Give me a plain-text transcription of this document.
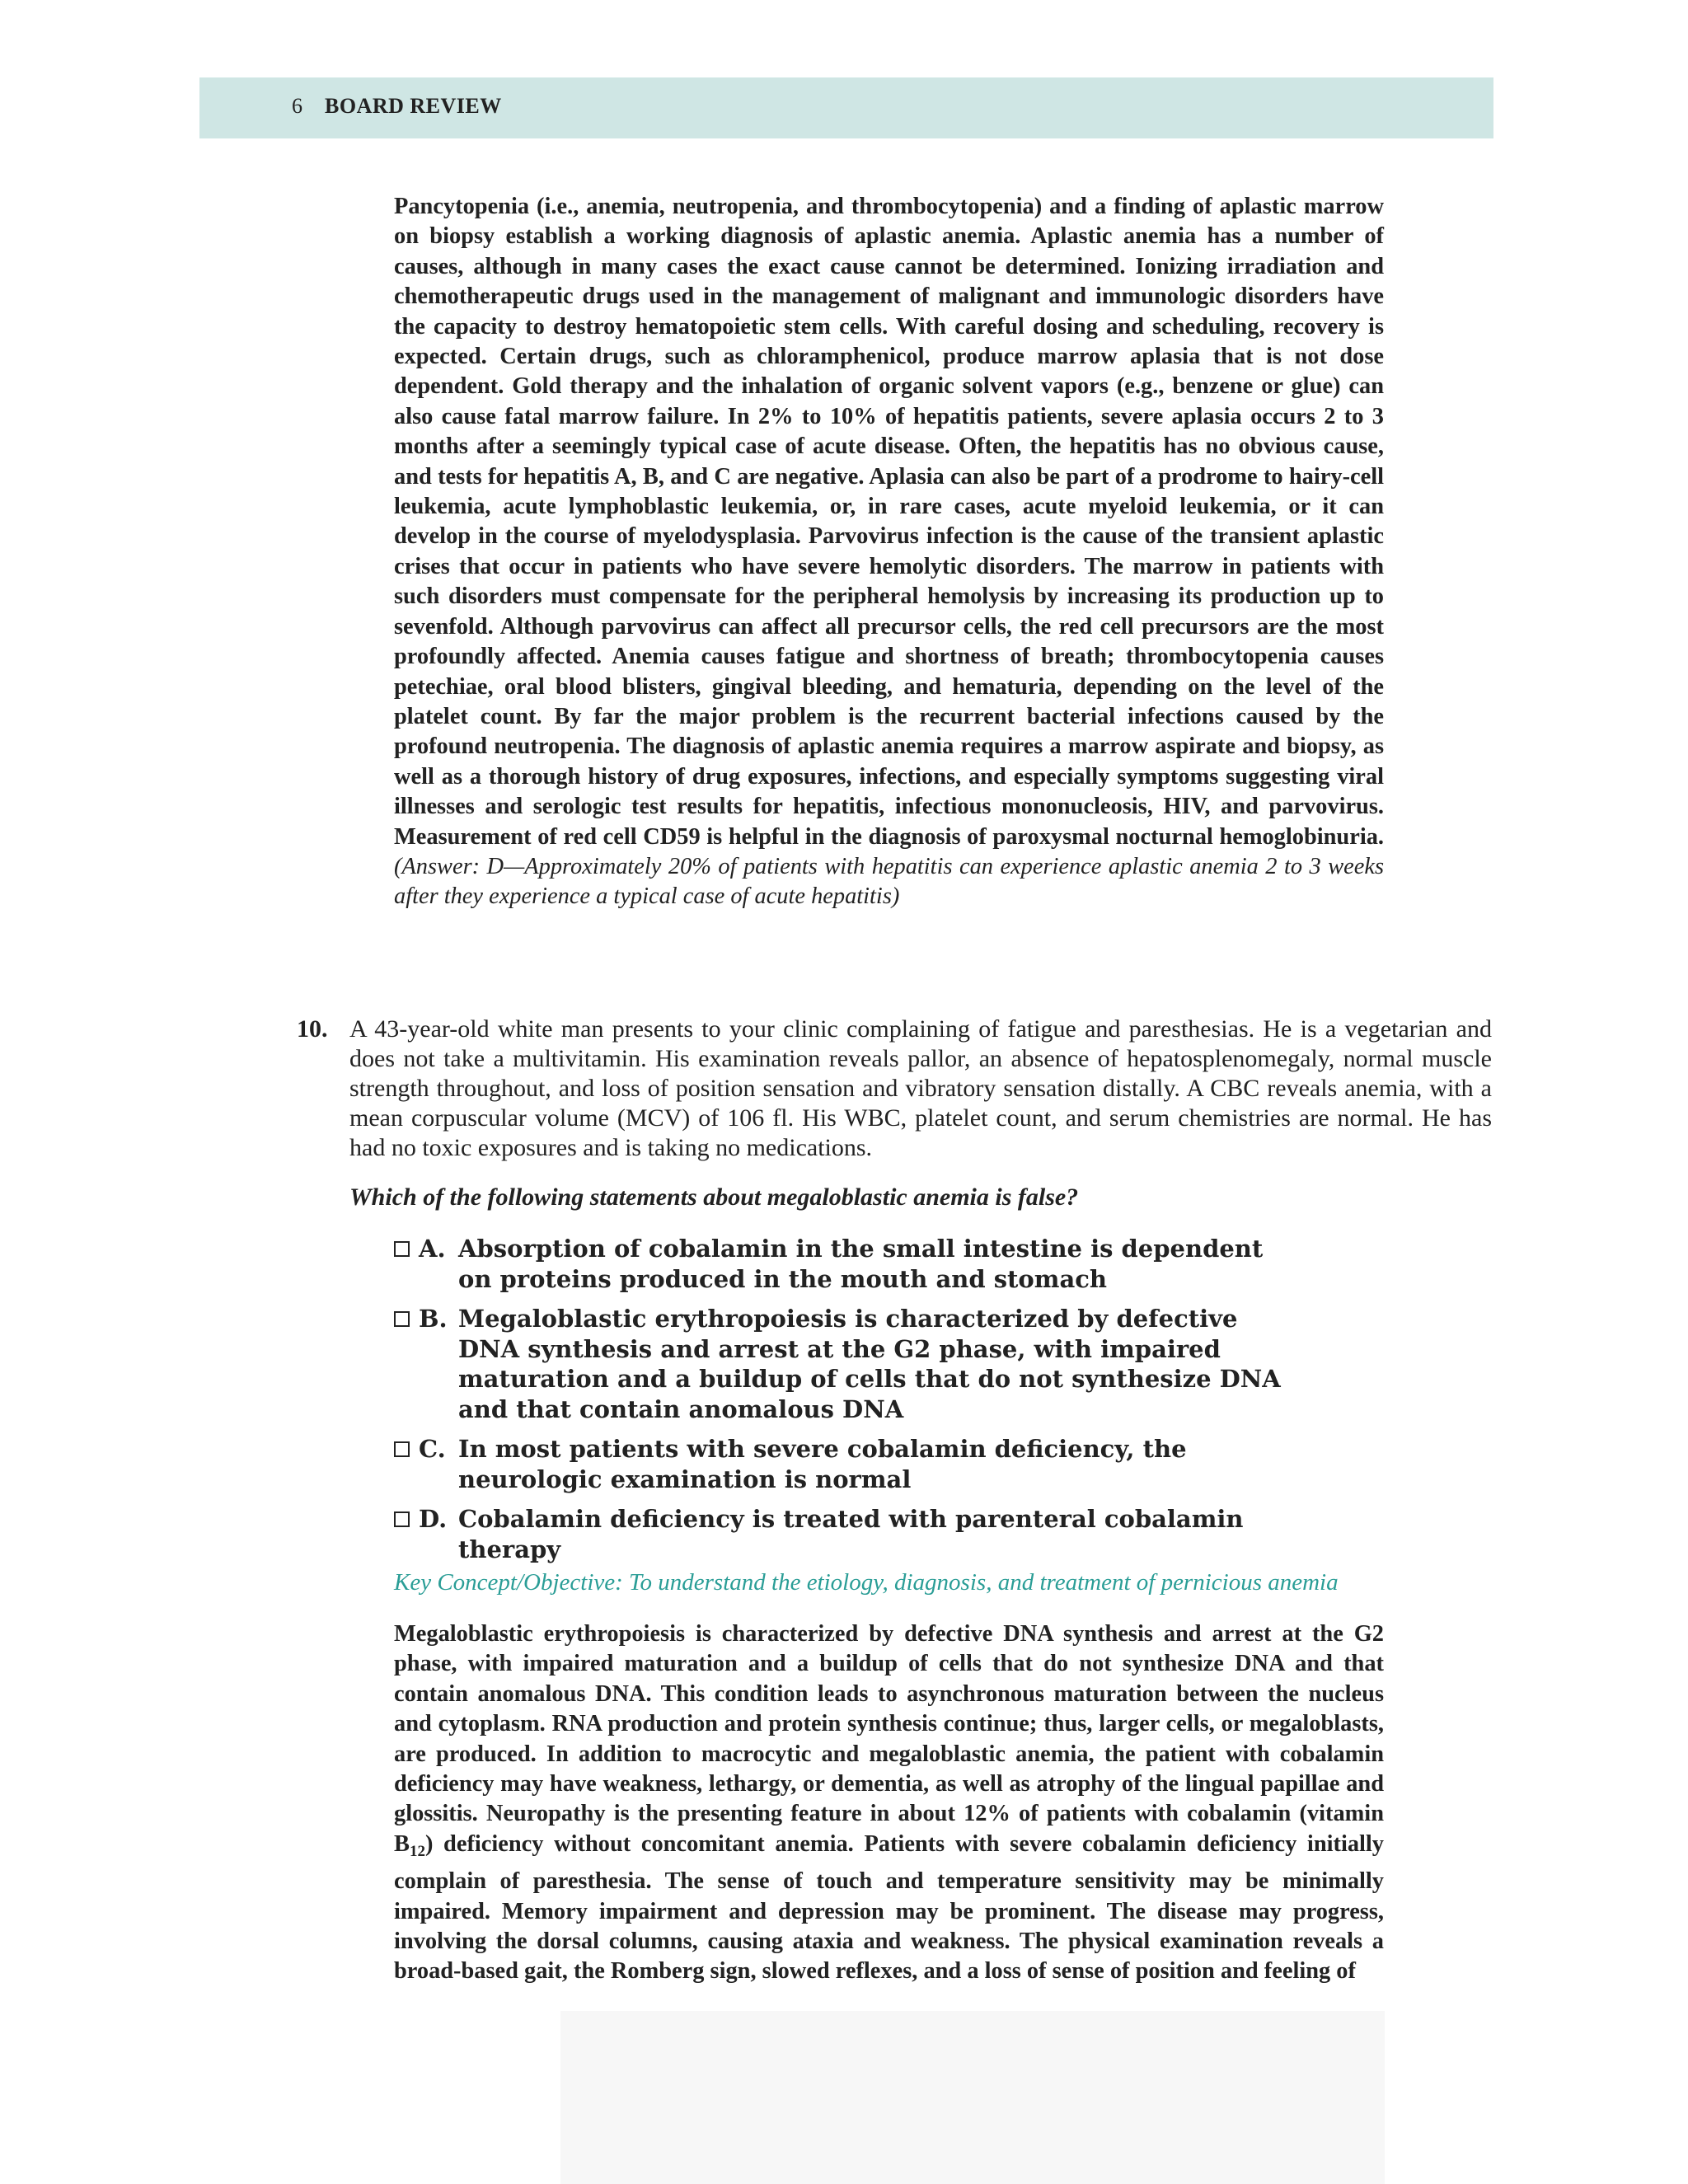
6 BOARD REVIEW
Pancytopenia (i.e., anemia, neutropenia, and thrombocytopenia) and a finding of aplastic marrow on biopsy establish a working diagnosis of aplastic anemia. Aplastic anemia has a number of causes, although in many cases the exact cause cannot be determined. Ionizing irradiation and chemotherapeutic drugs used in the management of malignant and immunologic disorders have the capacity to destroy hematopoietic stem cells. With careful dosing and scheduling, recovery is expected. Certain drugs, such as chloramphenicol, produce marrow aplasia that is not dose dependent. Gold therapy and the inhalation of organic solvent vapors (e.g., benzene or glue) can also cause fatal marrow failure. In 2% to 10% of hepatitis patients, severe aplasia occurs 2 to 3 months after a seemingly typical case of acute disease. Often, the hepatitis has no obvious cause, and tests for hepatitis A, B, and C are negative. Aplasia can also be part of a prodrome to hairy-cell leukemia, acute lymphoblastic leukemia, or, in rare cases, acute myeloid leukemia, or it can develop in the course of myelodysplasia. Parvovirus infection is the cause of the transient aplastic crises that occur in patients who have severe hemolytic disorders. The marrow in patients with such disorders must compensate for the peripheral hemolysis by increasing its production up to sevenfold. Although parvovirus can affect all precursor cells, the red cell precursors are the most profoundly affected. Anemia causes fatigue and shortness of breath; thrombocytopenia causes petechiae, oral blood blisters, gingival bleeding, and hematuria, depending on the level of the platelet count. By far the major problem is the recurrent bacterial infections caused by the profound neutropenia. The diagnosis of aplastic anemia requires a marrow aspirate and biopsy, as well as a thorough history of drug exposures, infections, and especially symptoms suggesting viral illnesses and serologic test results for hepatitis, infectious mononucleosis, HIV, and parvovirus. Measurement of red cell CD59 is helpful in the diagnosis of paroxysmal nocturnal hemoglobinuria. (Answer: D—Approximately 20% of patients with hepatitis can experience aplastic anemia 2 to 3 weeks after they experience a typical case of acute hepatitis)
10. A 43-year-old white man presents to your clinic complaining of fatigue and paresthesias. He is a vegetarian and does not take a multivitamin. His examination reveals pallor, an absence of hepatosplenomegaly, normal muscle strength throughout, and loss of position sensation and vibratory sensation distally. A CBC reveals anemia, with a mean corpuscular volume (MCV) of 106 fl. His WBC, platelet count, and serum chemistries are normal. He has had no toxic exposures and is taking no medications.
Which of the following statements about megaloblastic anemia is false?
A. Absorption of cobalamin in the small intestine is dependent on proteins produced in the mouth and stomach
B. Megaloblastic erythropoiesis is characterized by defective DNA synthesis and arrest at the G2 phase, with impaired maturation and a buildup of cells that do not synthesize DNA and that contain anomalous DNA
C. In most patients with severe cobalamin deficiency, the neurologic examination is normal
D. Cobalamin deficiency is treated with parenteral cobalamin therapy
Key Concept/Objective: To understand the etiology, diagnosis, and treatment of pernicious anemia
Megaloblastic erythropoiesis is characterized by defective DNA synthesis and arrest at the G2 phase, with impaired maturation and a buildup of cells that do not synthesize DNA and that contain anomalous DNA. This condition leads to asynchronous maturation between the nucleus and cytoplasm. RNA production and protein synthesis continue; thus, larger cells, or megaloblasts, are produced. In addition to macrocytic and megaloblastic anemia, the patient with cobalamin deficiency may have weakness, lethargy, or dementia, as well as atrophy of the lingual papillae and glossitis. Neuropathy is the presenting feature in about 12% of patients with cobalamin (vitamin $B_{12}$) deficiency without concomitant anemia. Patients with severe cobalamin deficiency initially complain of paresthesia. The sense of touch and temperature sensitivity may be minimally impaired. Memory impairment and depression may be prominent. The disease may progress, involving the dorsal columns, causing ataxia and weakness. The physical examination reveals a broad-based gait, the Romberg sign, slowed reflexes, and a loss of sense of position and feeling of
